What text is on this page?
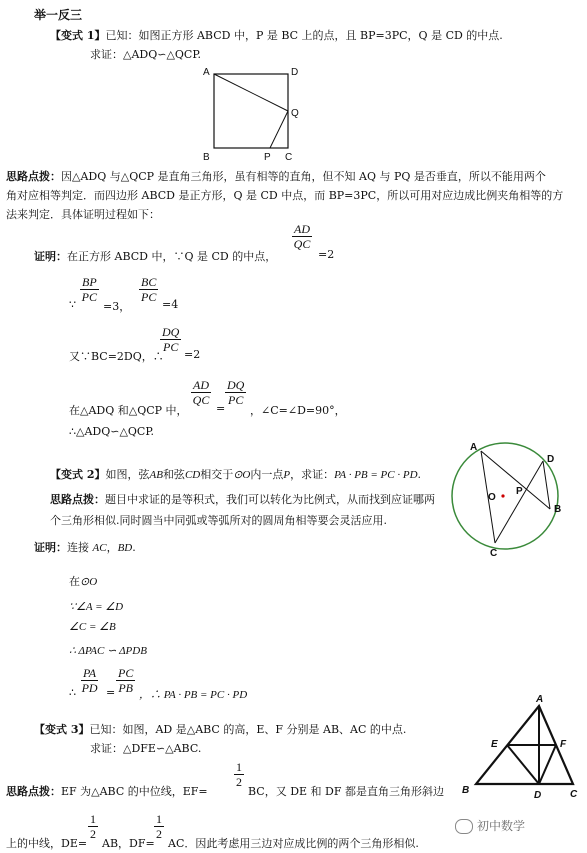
举一反三
【变式 1】已知：如图正方形 ABCD 中，P 是 BC 上的点，且 BP=3PC，Q 是 CD 的中点.
求证：△ADQ∽△QCP.
A	D
Q
B	P C
思路点拨：因△ADQ 与△QCP 是直角三角形，虽有相等的直角，但不知 AQ 与 PQ 是否垂直，所以不能用两个
角对应相等判定．而四边形 ABCD 是正方形，Q 是 CD 中点，而 BP=3PC，所以可用对应边成比例夹角相等的方
法来判定．具体证明过程如下：
证明：在正方形 ABCD 中，∵Q 是 CD 的中点，
$\frac{AD}{QC}$
=2
∵
$\frac{BP}{PC}$
=3，
$\frac{BC}{PC}$
=4
又∵BC=2DQ，∴
$\frac{DQ}{PC}$
=2
在△ADQ 和△QCP 中，
$\frac{AD}{QC}$
=
$\frac{DQ}{PC}$
，∠C=∠D=90°，
∴△ADQ∽△QCP.
【变式 2】如图，弦AB和弦CD相交于⊙O内一点P，求证：PA · PB = PC · PD.
思路点拨：题目中求证的是等积式，我们可以转化为比例式，从而找到应证哪两
个三角形相似.同时圆当中同弧或等弧所对的圆周角相等要会灵活应用.
证明：连接 AC，BD.
在⊙O
∵∠A = ∠D
∠C = ∠B
∴ ΔPAC ∽ ΔPDB
∴ $\frac{PA}{PD} = \frac{PC}{PB}$ ，∴ PA · PB = PC · PD
A
D
P
O
B
C
【变式 3】已知：如图，AD 是△ABC 的高，E、F 分别是 AB、AC 的中点.
求证：△DFE∽△ABC.
思路点拨：EF 为△ABC 的中位线，EF=
$\frac{1}{2}$
BC，又 DE 和 DF 都是直角三角形斜边
上的中线，DE=
$\frac{1}{2}$
AB，DF=
$\frac{1}{2}$
AC．因此考虑用三边对应成比例的两个三角形相似.
A
E	F
B	D	C
初中数学
